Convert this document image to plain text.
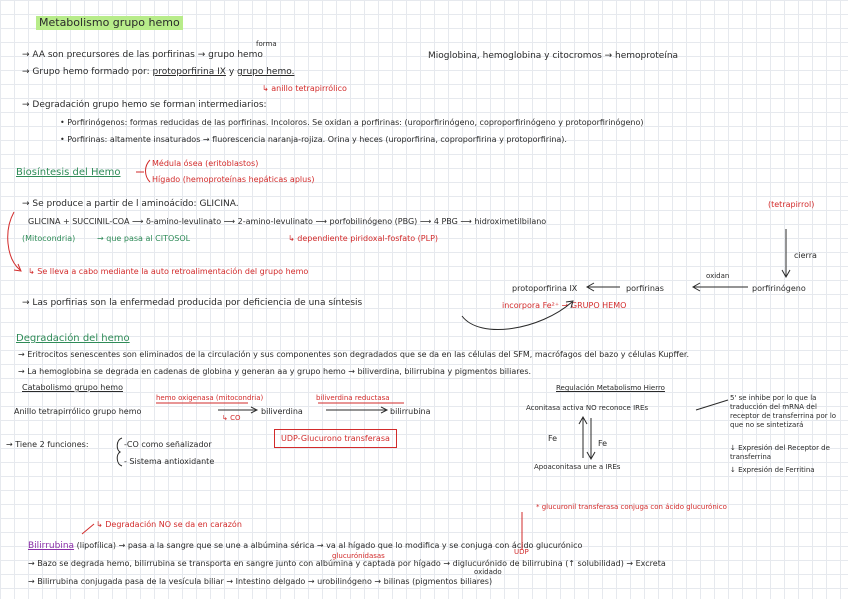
Metabolismo grupo hemo
→ AA son precursores de las porfirinas → grupo hemo
forma
Mioglobina, hemoglobina y citocromos → hemoproteína
→ Grupo hemo formado por: protoporfirina IX y grupo hemo.
↳ anillo tetrapirrólico
→ Degradación grupo hemo se forman intermediarios:
• Porfirinógenos: formas reducidas de las porfirinas. Incoloros. Se oxidan a porfirinas: (uroporfirinógeno, coproporfirinógeno y protoporfirinógeno)
• Porfirinas: altamente insaturados → fluorescencia naranja-rojiza. Orina y heces (uroporfirina, coproporfirina y protoporfirina).
Biosíntesis del Hemo
Médula ósea (eritoblastos)
Hígado (hemoproteínas hepáticas aplus)
→ Se produce a partir de l aminoácido: GLICINA.	(tetrapirrol)
GLICINA + SUCCINIL-COA ⟶ δ-amino-levulinato ⟶ 2-amino-levulinato ⟶ porfobilinógeno (PBG) ⟶ 4 PBG ⟶ hidroximetilbilano
(Mitocondria)	→ que pasa al CITOSOL	↳ dependiente piridoxal-fosfato (PLP)
cierra
↳ Se lleva a cabo mediante la auto retroalimentación del grupo hemo
porfirinógeno
oxidan
porfirinas
protoporfirina IX
incorpora Fe²⁺ → GRUPO HEMO
→ Las porfirias son la enfermedad producida por deficiencia de una síntesis
Degradación del hemo
→ Eritrocitos senescentes son eliminados de la circulación y sus componentes son degradados que se da en las células del SFM, macrófagos del bazo y células Kupffer.
→ La hemoglobina se degrada en cadenas de globina y generan aa y grupo hemo → biliverdina, bilirrubina y pigmentos biliares.
Catabolismo grupo hemo
hemo oxigenasa (mitocondria)	biliverdina reductasa
Anillo tetrapirrólico grupo hemo	biliverdina	bilirrubina
↳ CO
UDP-Glucurono transferasa
→ Tiene 2 funciones:	-CO como señalizador
- Sistema antioxidante
Regulación Metabolismo Hierro
Aconitasa activa NO reconoce IREs
Fe
Fe
Apoaconitasa une a IREs
5' se inhibe por lo que la traducción del mRNA del receptor de transferrina por lo que no se sintetizará
↓ Expresión del Receptor de transferrina
↓ Expresión de Ferritina
* glucuronil transferasa conjuga con ácido glucurónico
↳ Degradación NO se da en carazón
Bilirrubina (lipofílica) → pasa a la sangre que se une a albúmina sérica → va al hígado que lo modifica y se conjuga con ácido glucurónico
UDP
glucurónidasas
→ Bazo se degrada hemo, bilirrubina se transporta en sangre junto con albúmina y captada por hígado → diglucurónido de bilirrubina (↑ solubilidad) → Excreta
oxidado
→ Bilirrubina conjugada pasa de la vesícula biliar → Intestino delgado → urobilinógeno → bilinas (pigmentos biliares)
